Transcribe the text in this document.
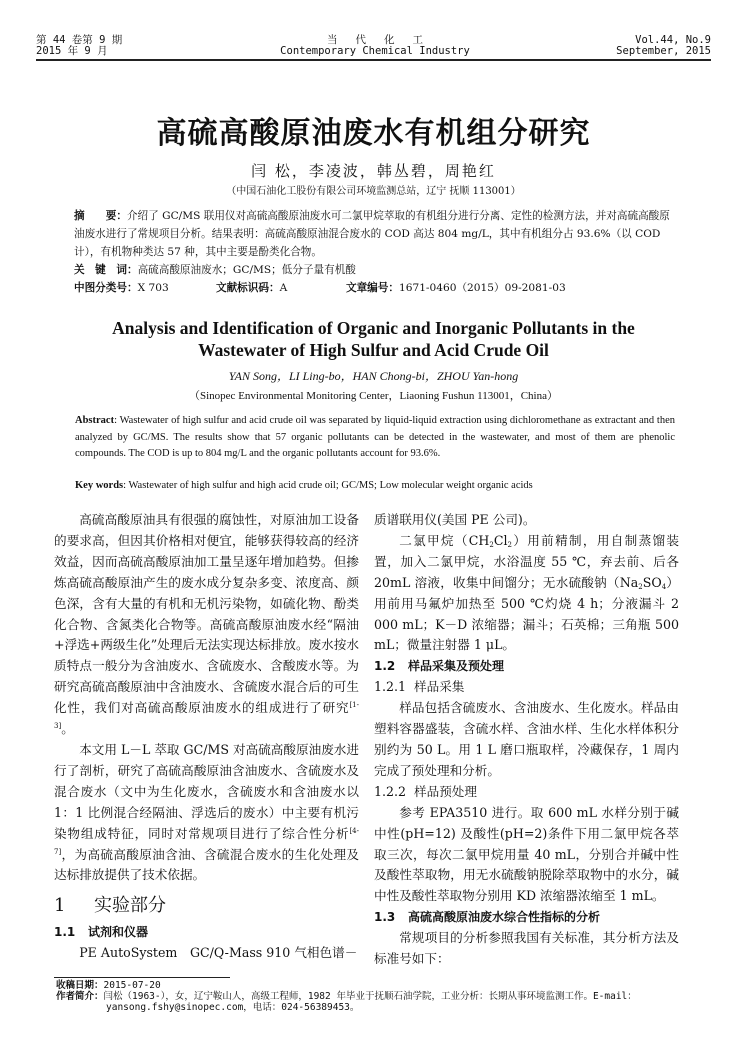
第 44 卷第 9 期
2015 年 9 月
当代化工
Contemporary Chemical Industry
Vol.44, No.9
September, 2015
高硫高酸原油废水有机组分研究
闫 松，李凌波，韩丛碧，周艳红
（中国石油化工股份有限公司环境监测总站，辽宁 抚顺 113001）
摘　　要：介绍了 GC/MS 联用仪对高硫高酸原油废水可二氯甲烷萃取的有机组分进行分离、定性的检测方法，并对高硫高酸原油废水进行了常规项目分析。结果表明：高硫高酸原油混合废水的 COD 高达 804 mg/L，其中有机组分占 93.6%（以 COD 计），有机物种类达 57 种，其中主要是酚类化合物。
关　键　词：高硫高酸原油废水；GC/MS；低分子量有机酸
中图分类号：X 703	文献标识码：A	文章编号：1671-0460（2015）09-2081-03
Analysis and Identification of Organic and Inorganic Pollutants in the
Wastewater of High Sulfur and Acid Crude Oil
YAN Song，LI Ling-bo，HAN Chong-bi，ZHOU Yan-hong
（Sinopec Environmental Monitoring Center，Liaoning Fushun 113001，China）
Abstract: Wastewater of high sulfur and acid crude oil was separated by liquid-liquid extraction using dichloromethane as extractant and then analyzed by GC/MS. The results show that 57 organic pollutants can be detected in the wastewater, and most of them are phenolic compounds. The COD is up to 804 mg/L and the organic pollutants account for 93.6%.
Key words: Wastewater of high sulfur and high acid crude oil; GC/MS; Low molecular weight organic acids

高硫高酸原油具有很强的腐蚀性，对原油加工设备的要求高，但因其价格相对便宜，能够获得较高的经济效益，因而高硫高酸原油加工量呈逐年增加趋势。但掺炼高硫高酸原油产生的废水成分复杂多变、浓度高、颜色深，含有大量的有机和无机污染物，如硫化物、酚类化合物、含氮类化合物等。高硫高酸原油废水经“隔油+浮选+两级生化”处理后无法实现达标排放。废水按水质特点一般分为含油废水、含硫废水、含酸废水等。为研究高硫高酸原油中含油废水、含硫废水混合后的可生化性，我们对高硫高酸原油废水的组成进行了研究[1-3]。

本文用 L－L 萃取 GC/MS 对高硫高酸原油废水进行了剖析，研究了高硫高酸原油含油废水、含硫废水及混合废水（文中为生化废水，含硫废水和含油废水以 1：1 比例混合经隔油、浮选后的废水）中主要有机污染物组成特征，同时对常规项目进行了综合性分析[4-7]，为高硫高酸原油含油、含硫混合废水的生化处理及达标排放提供了技术依据。

1 实验部分
1.1 试剂和仪器

PE AutoSystem　GC/Q-Mass 910 气相色谱－

质谱联用仪(美国 PE 公司)。

二氯甲烷$(CH_2Cl_2)$用前精制，用自制蒸馏装置，加入二氯甲烷，水浴温度 55 ℃，弃去前、后各 20mL 溶液，收集中间馏分；无水硫酸钠$(Na_2SO_4)$用前用马氟炉加热至 500 ℃灼烧 4 h；分液漏斗 2 000 mL；K－D 浓缩器；漏斗；石英棉；三角瓶 500 mL；微量注射器 1 μL。

1.2 样品采集及预处理
1.2.1 样品采集

样品包括含硫废水、含油废水、生化废水。样品由塑料容器盛装，含硫水样、含油水样、生化水样体积分别约为 50 L。用 1 L 磨口瓶取样，冷藏保存，1 周内完成了预处理和分析。

1.2.2 样品预处理

参考 EPA3510 进行。取 600 mL 水样分别于碱中性(pH=12) 及酸性(pH=2)条件下用二氯甲烷各萃取三次，每次二氯甲烷用量 40 mL，分别合并碱中性及酸性萃取物，用无水硫酸钠脱除萃取物中的水分，碱中性及酸性萃取物分别用 KD 浓缩器浓缩至 1 mL。

1.3 高硫高酸原油废水综合性指标的分析

常规项目的分析参照我国有关标准，其分析方法及标准号如下：

收稿日期：2015-07-20
作者简介：闫松（1963-），女，辽宁鞍山人，高级工程师，1982 年毕业于抚顺石油学院，工业分析：长期从事环境监测工作。E-mail：
yansong.fshy@sinopec.com，电话：024-56389453。
